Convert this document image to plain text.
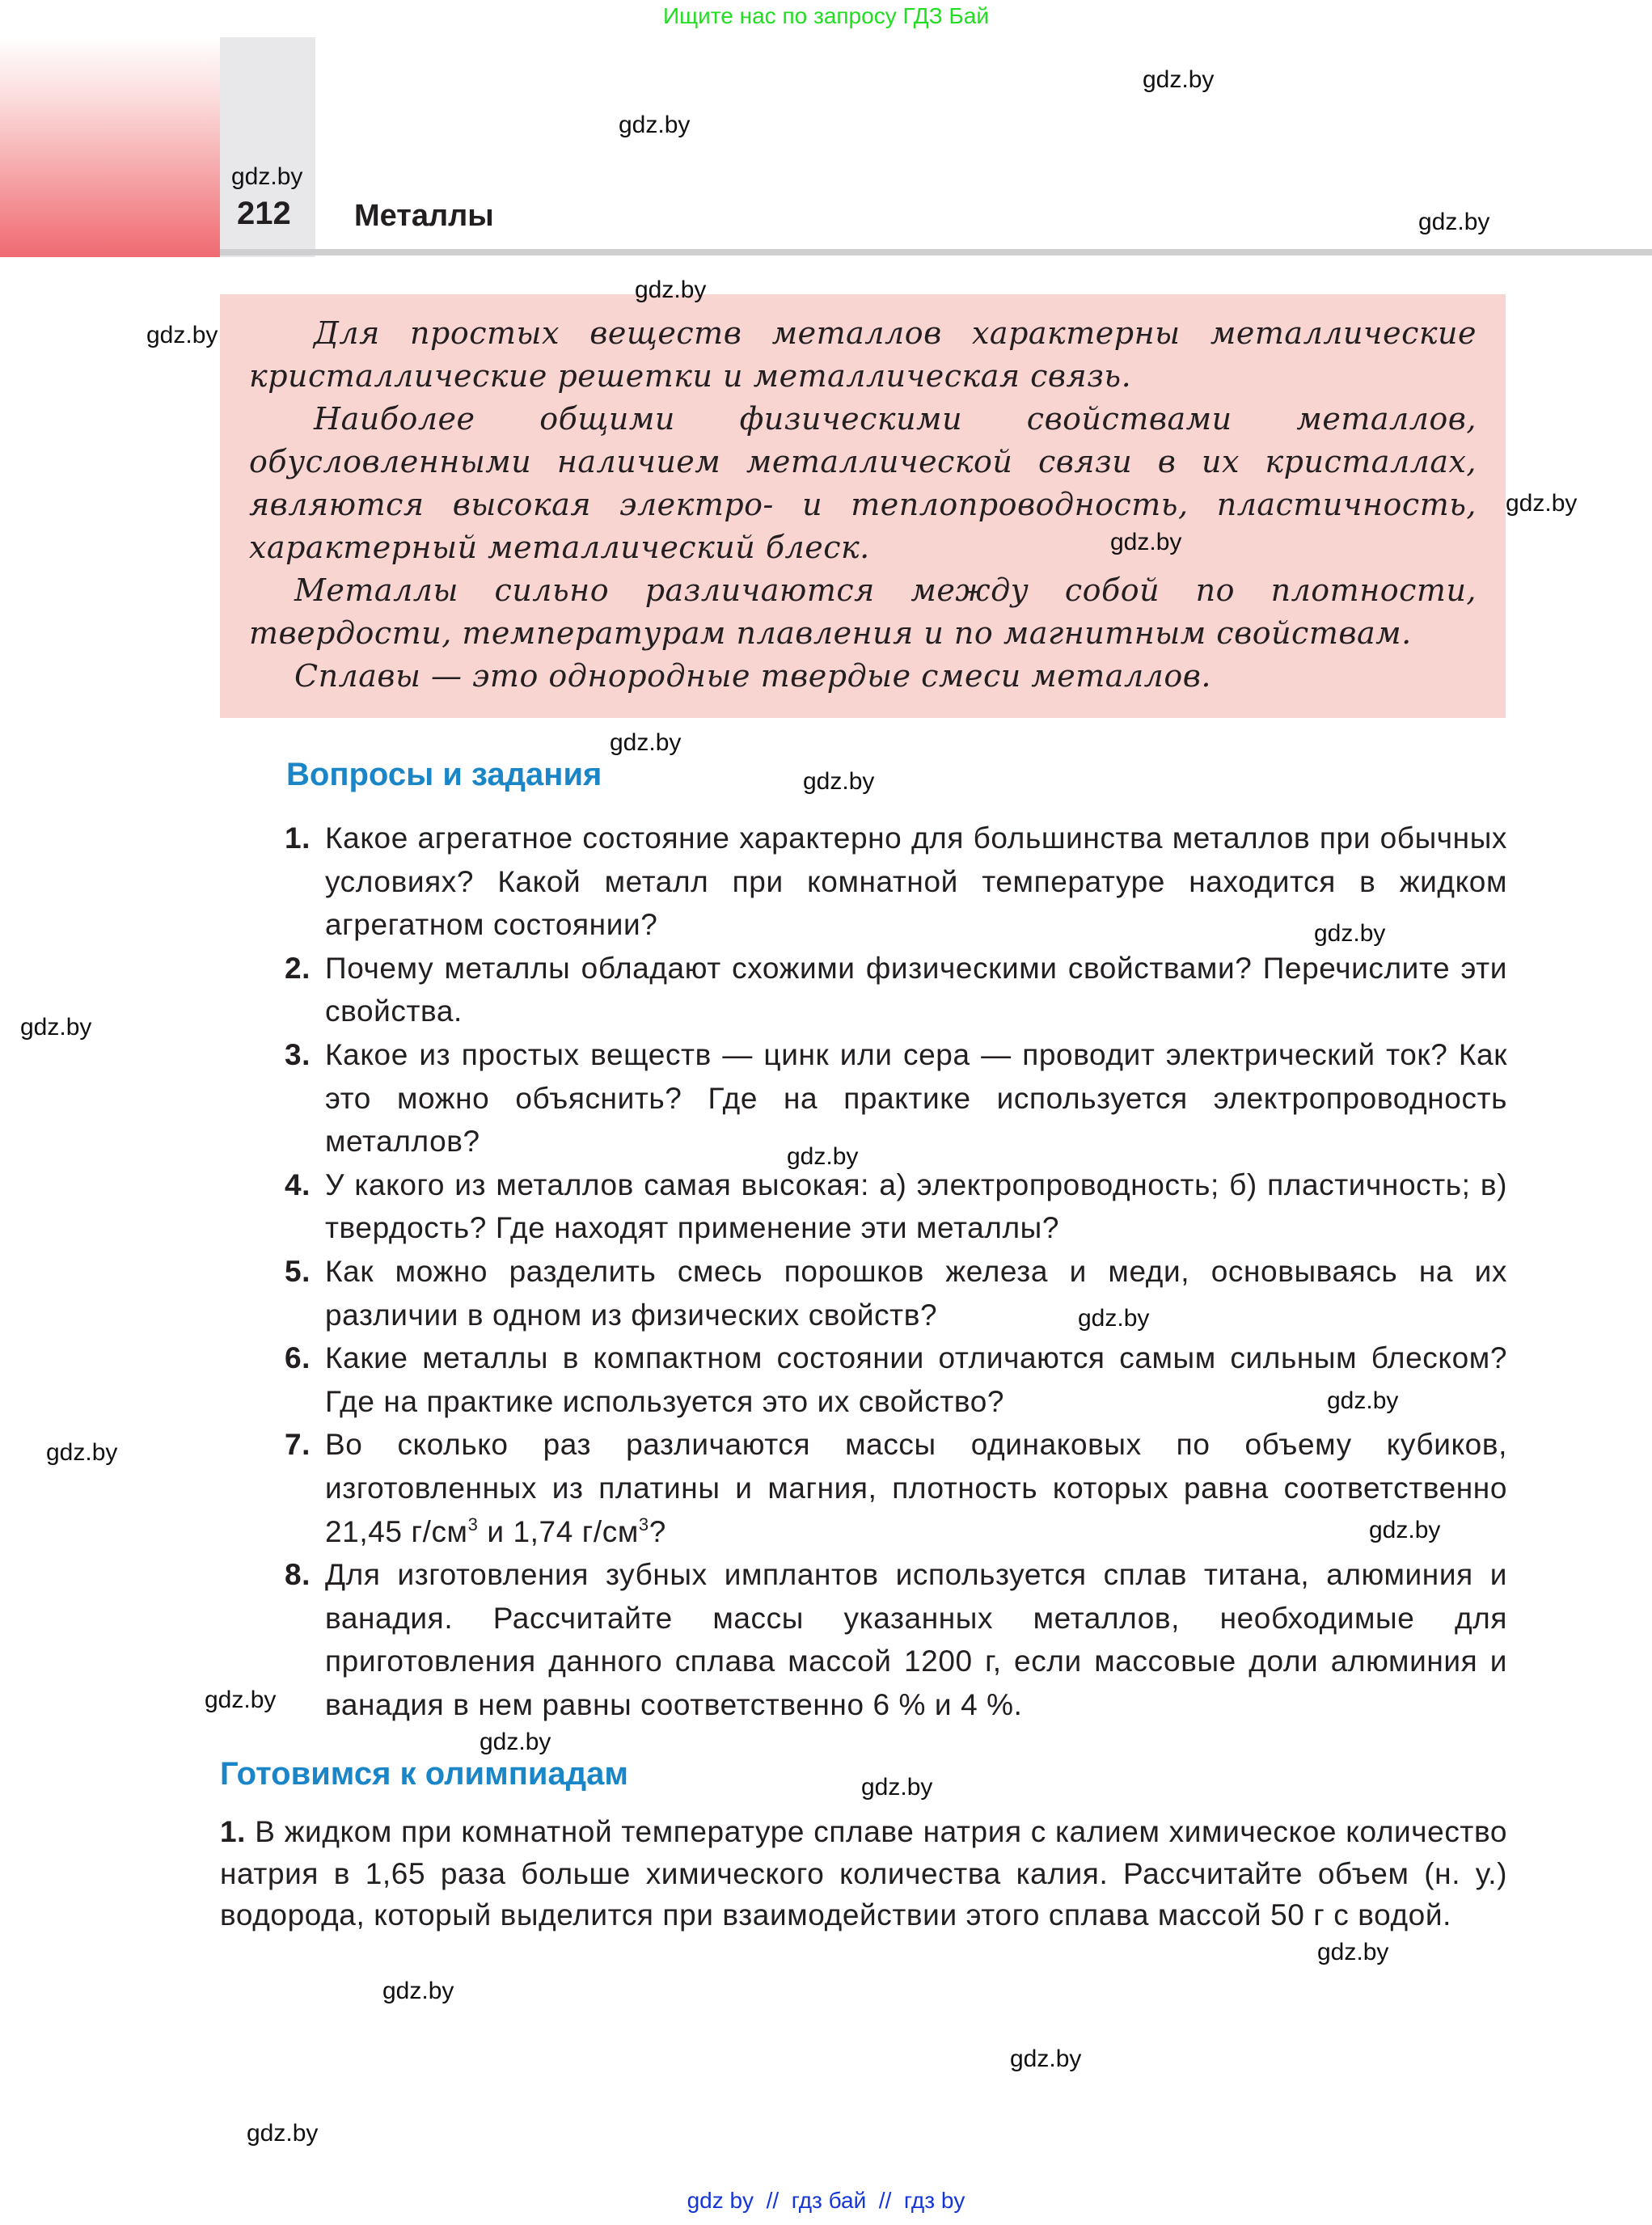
Ищите нас по запросу ГДЗ Бай
212 Металлы

Для простых веществ металлов характерны металлические кристаллические решетки и металлическая связь.

Наиболее общими физическими свойствами металлов, обусловленными наличием металлической связи в их кристаллах, являются высокая электро- и теплопроводность, пластичность, характерный металлический блеск.

Металлы сильно различаются между собой по плотности, твердости, температурам плавления и по магнитным свойствам.

Сплавы — это однородные твердые смеси металлов.

Вопросы и задания
1. Какое агрегатное состояние характерно для большинства металлов при обычных условиях? Какой металл при комнатной температуре находится в жидком агрегатном состоянии?
2. Почему металлы обладают схожими физическими свойствами? Перечислите эти свойства.
3. Какое из простых веществ — цинк или сера — проводит электрический ток? Как это можно объяснить? Где на практике используется электропроводность металлов?
4. У какого из металлов самая высокая: а) электропроводность; б) пластичность; в) твердость? Где находят применение эти металлы?
5. Как можно разделить смесь порошков железа и меди, основываясь на их различии в одном из физических свойств?
6. Какие металлы в компактном состоянии отличаются самым сильным блеском? Где на практике используется это их свойство?
7. Во сколько раз различаются массы одинаковых по объему кубиков, изготовленных из платины и магния, плотность которых равна соответственно 21,45 $г/см^3$ и 1,74 $г/см^3$?
8. Для изготовления зубных имплантов используется сплав титана, алюминия и ванадия. Рассчитайте массы указанных металлов, необходимые для приготовления данного сплава массой 1200 г, если массовые доли алюминия и ванадия в нем равны соответственно 6 % и 4 %.
Готовимся к олимпиадам
1. В жидком при комнатной температуре сплаве натрия с калием химическое количество натрия в 1,65 раза больше химического количества калия. Рассчитайте объем (н. у.) водорода, который выделится при взаимодействии этого сплава массой 50 г с водой.
gdz.by
gdz.by
gdz.by
gdz.by
gdz.by
gdz.by
gdz.by
gdz.by
gdz.by
gdz.by
gdz.by
gdz.by
gdz.by
gdz.by
gdz.by
gdz.by
gdz.by
gdz.by
gdz.by
gdz.by
gdz.by
gdz.by
gdz.by
gdz.by
gdz by  //  гдз бай  //  гдз by
